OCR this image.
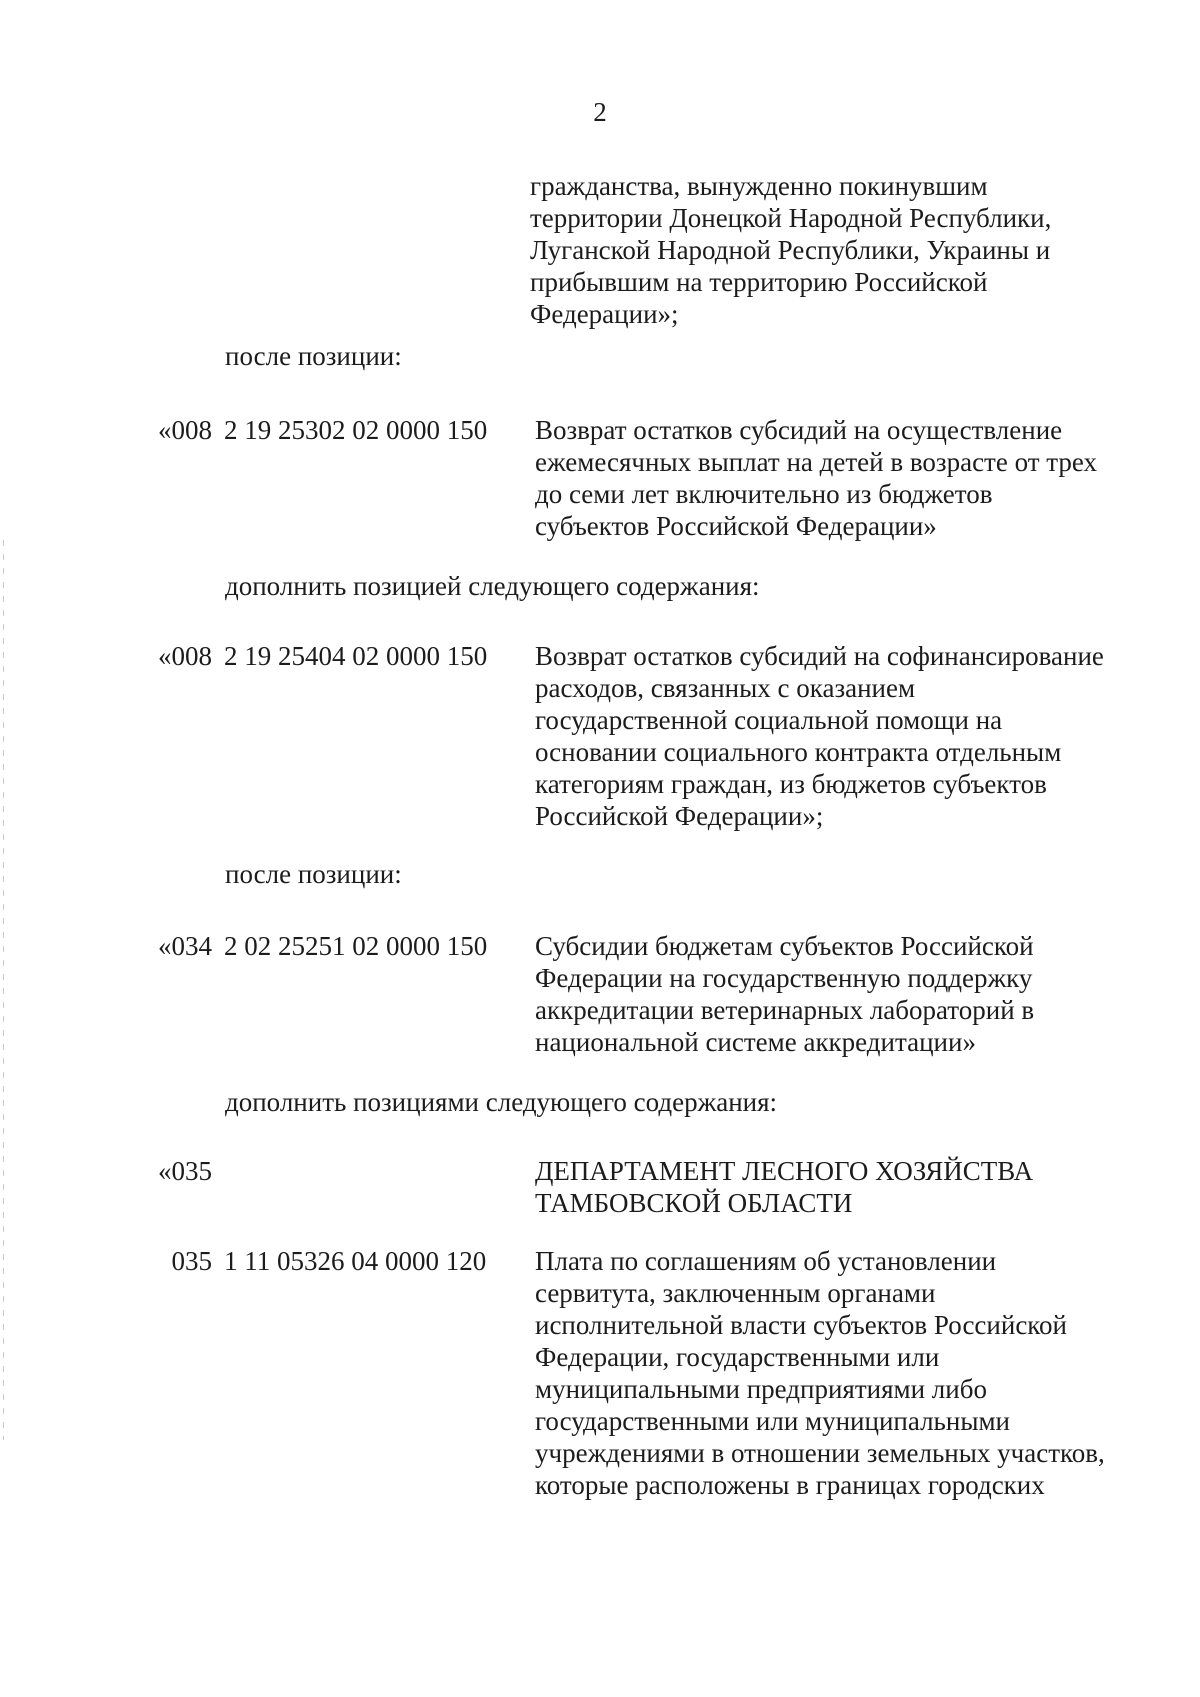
2
гражданства, вынужденно покинувшим
территории Донецкой Народной Республики,
Луганской Народной Республики, Украины и
прибывшим на территорию Российской
Федерации»;
после позиции:
«008 2 19 25302 02 0000 150 Возврат остатков субсидий на осуществление
ежемесячных выплат на детей в возрасте от трех
до семи лет включительно из бюджетов
субъектов Российской Федерации»
дополнить позицией следующего содержания:
«008 2 19 25404 02 0000 150 Возврат остатков субсидий на софинансирование
расходов, связанных с оказанием
государственной социальной помощи на
основании социального контракта отдельным
категориям граждан, из бюджетов субъектов
Российской Федерации»;
после позиции:
«034 2 02 25251 02 0000 150 Субсидии бюджетам субъектов Российской
Федерации на государственную поддержку
аккредитации ветеринарных лабораторий в
национальной системе аккредитации»
дополнить позициями следующего содержания:
«035	ДЕПАРТАМЕНТ ЛЕСНОГО ХОЗЯЙСТВА
ТАМБОВСКОЙ ОБЛАСТИ
035 1 11 05326 04 0000 120 Плата по соглашениям об установлении
сервитута, заключенным органами
исполнительной власти субъектов Российской
Федерации, государственными или
муниципальными предприятиями либо
государственными или муниципальными
учреждениями в отношении земельных участков,
которые расположены в границах городских
